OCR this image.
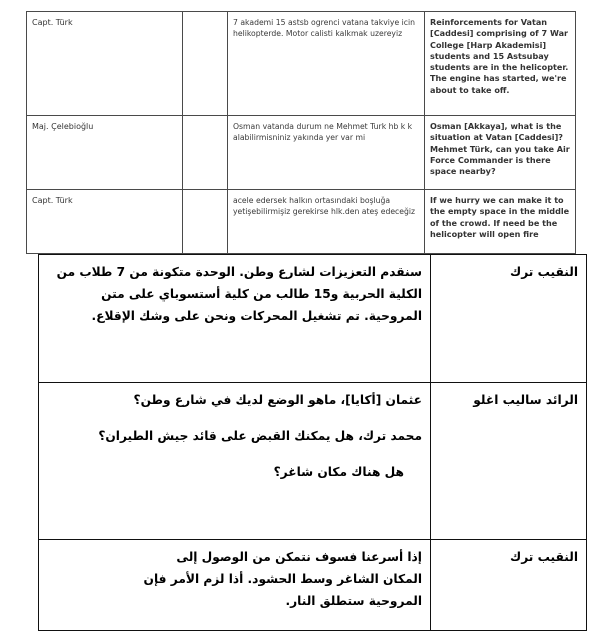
Capt. Türk		7 akademi 15 astsb ogrenci vatana takviye icin helikopterde. Motor calisti kalkmak uzereyiz	Reinforcements for Vatan [Caddesi] comprising of 7 War College [Harp Akademisi] students and 15 Astsubay students are in the helicopter. The engine has started, we're about to take off.
Maj. Çelebioğlu		Osman vatanda durum ne Mehmet Turk hb k k alabilirmisniniz yakında yer var mi	Osman [Akkaya], what is the situation at Vatan [Caddesi]? Mehmet Türk, can you take Air Force Commander is there space nearby?
Capt. Türk		acele edersek halkın ortasındaki boşluğa yetişebilirmişiz gerekirse hlk.den ateş edeceğiz	If we hurry we can make it to the empty space in the middle of the crowd. If need be the helicopter will open fire

سنقدم التعزيزات لشارع وطن. الوحدة متكونة من 7 طلاب من الكلية الحربية و15 طالب من كلية أستسوباي على متن المروحية. تم تشغيل المحركات ونحن على وشك الإقلاع.	النقيب ترك

عثمان [أكايا]، ماهو الوضع لديك في شارع وطن؟

محمد ترك، هل يمكنك القبض على قائد جيش الطيران؟

هل هناك مكان شاغر؟	الرائد ساليب اغلو

إذا أسرعنا فسوف نتمكن من الوصول إلى المكان الشاغر وسط الحشود. أذا لزم الأمر فإن المروحية ستطلق النار.	النقيب ترك
